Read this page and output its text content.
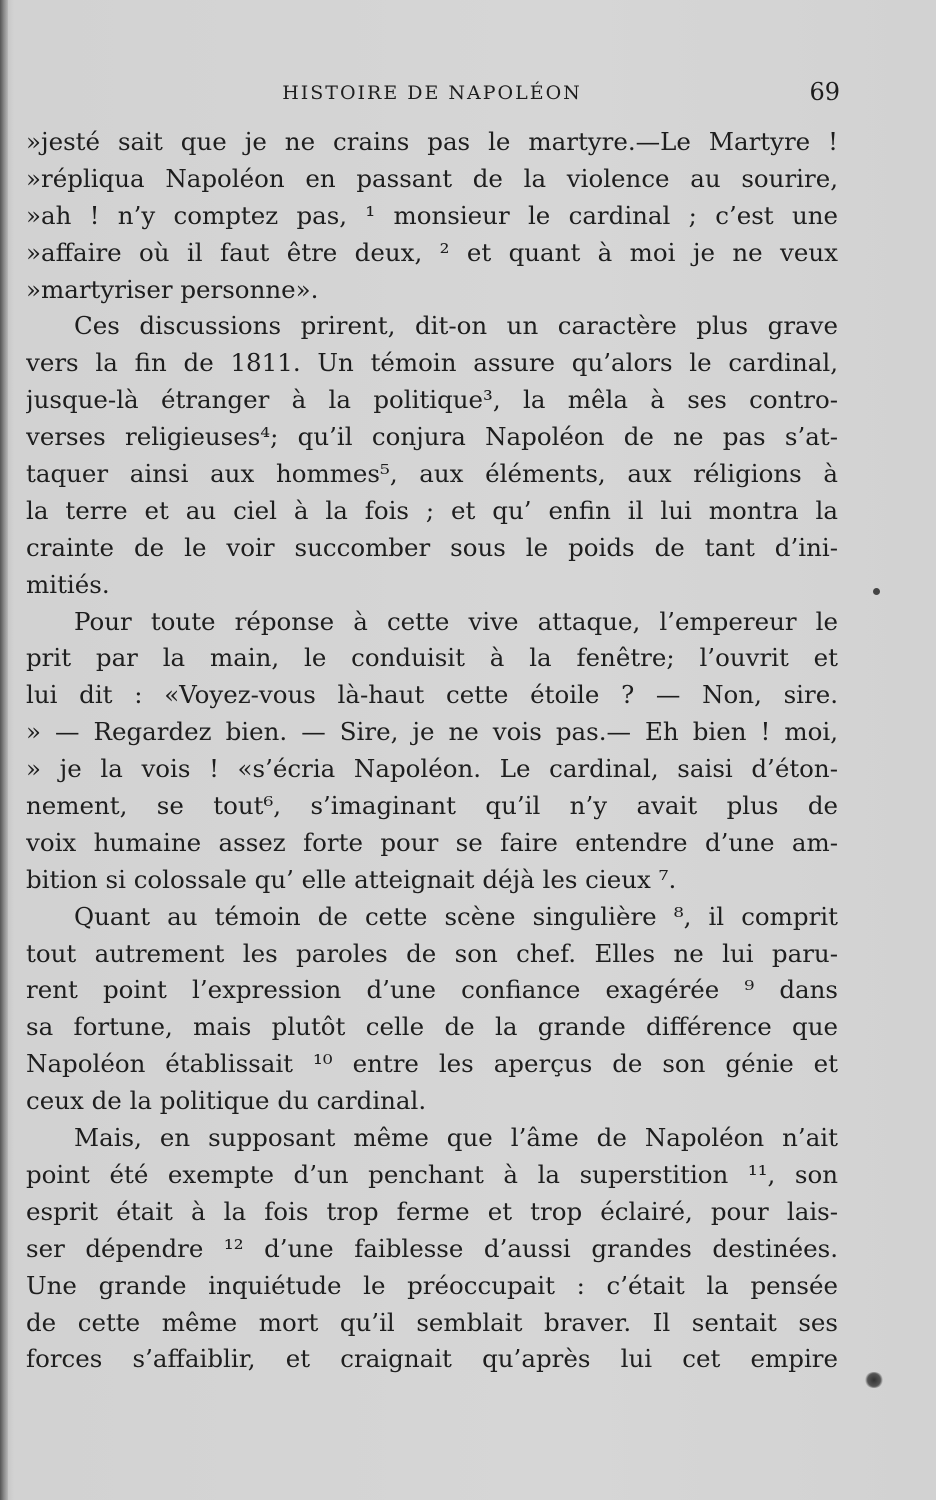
HISTOIRE DE NAPOLÉON	69
»jesté sait que je ne crains pas le martyre.—Le Martyre !
»répliqua Napoléon en passant de la violence au sourire,
»ah ! n’y comptez pas, ¹ monsieur le cardinal ; c’est une
»affaire où il faut être deux, ² et quant à moi je ne veux
»martyriser personne».
Ces discussions prirent, dit-on un caractère plus grave
vers la fin de 1811. Un témoin assure qu’alors le cardinal,
jusque-là étranger à la politique³, la mêla à ses contro-
verses religieuses⁴; qu’il conjura Napoléon de ne pas s’at-
taquer ainsi aux hommes⁵, aux éléments, aux réligions à
la terre et au ciel à la fois ; et qu’ enfin il lui montra la
crainte de le voir succomber sous le poids de tant d’ini-
mitiés.
Pour toute réponse à cette vive attaque, l’empereur le
prit par la main, le conduisit à la fenêtre; l’ouvrit et
lui dit : «Voyez-vous là-haut cette étoile ? — Non, sire.
» — Regardez bien. — Sire, je ne vois pas.— Eh bien ! moi,
» je la vois ! «s’écria Napoléon. Le cardinal, saisi d’éton-
nement, se tout⁶, s’imaginant qu’il n’y avait plus de
voix humaine assez forte pour se faire entendre d’une am-
bition si colossale qu’ elle atteignait déjà les cieux ⁷.
Quant au témoin de cette scène singulière ⁸, il comprit
tout autrement les paroles de son chef. Elles ne lui paru-
rent point l’expression d’une confiance exagérée ⁹ dans
sa fortune, mais plutôt celle de la grande différence que
Napoléon établissait ¹⁰ entre les aperçus de son génie et
ceux de la politique du cardinal.
Mais, en supposant même que l’âme de Napoléon n’ait
point été exempte d’un penchant à la superstition ¹¹, son
esprit était à la fois trop ferme et trop éclairé, pour lais-
ser dépendre ¹² d’une faiblesse d’aussi grandes destinées.
Une grande inquiétude le préoccupait : c’était la pensée
de cette même mort qu’il semblait braver. Il sentait ses
forces s’affaiblir, et craignait qu’après lui cet empire
